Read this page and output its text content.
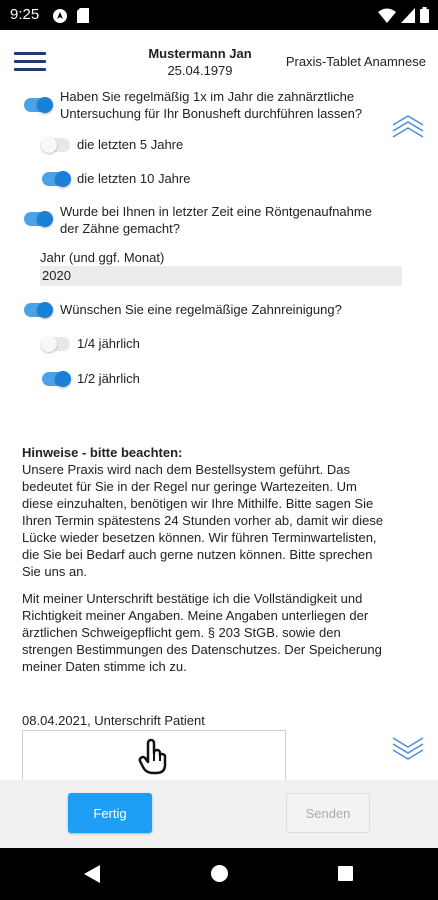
9:25
Mustermann Jan
25.04.1979
Praxis-Tablet Anamnese
Haben Sie regelmäßig 1x im Jahr die zahnärztliche
Untersuchung für Ihr Bonusheft durchführen lassen?
die letzten 5 Jahre
die letzten 10 Jahre
Wurde bei Ihnen in letzter Zeit eine Röntgenaufnahme
der Zähne gemacht?
Jahr (und ggf. Monat)
2020
Wünschen Sie eine regelmäßige Zahnreinigung?
1/4 jährlich
1/2 jährlich
Hinweise - bitte beachten:
Unsere Praxis wird nach dem Bestellsystem geführt. Das
bedeutet für Sie in der Regel nur geringe Wartezeiten. Um
diese einzuhalten, benötigen wir Ihre Mithilfe. Bitte sagen Sie
Ihren Termin spätestens 24 Stunden vorher ab, damit wir diese
Lücke wieder besetzen können. Wir führen Terminwartelisten,
die Sie bei Bedarf auch gerne nutzen können. Bitte sprechen
Sie uns an.
Mit meiner Unterschrift bestätige ich die Vollständigkeit und
Richtigkeit meiner Angaben. Meine Angaben unterliegen der
ärztlichen Schweigepflicht gem. § 203 StGB. sowie den
strengen Bestimmungen des Datenschutzes. Der Speicherung
meiner Daten stimme ich zu.
08.04.2021, Unterschrift Patient
Fertig	Senden
